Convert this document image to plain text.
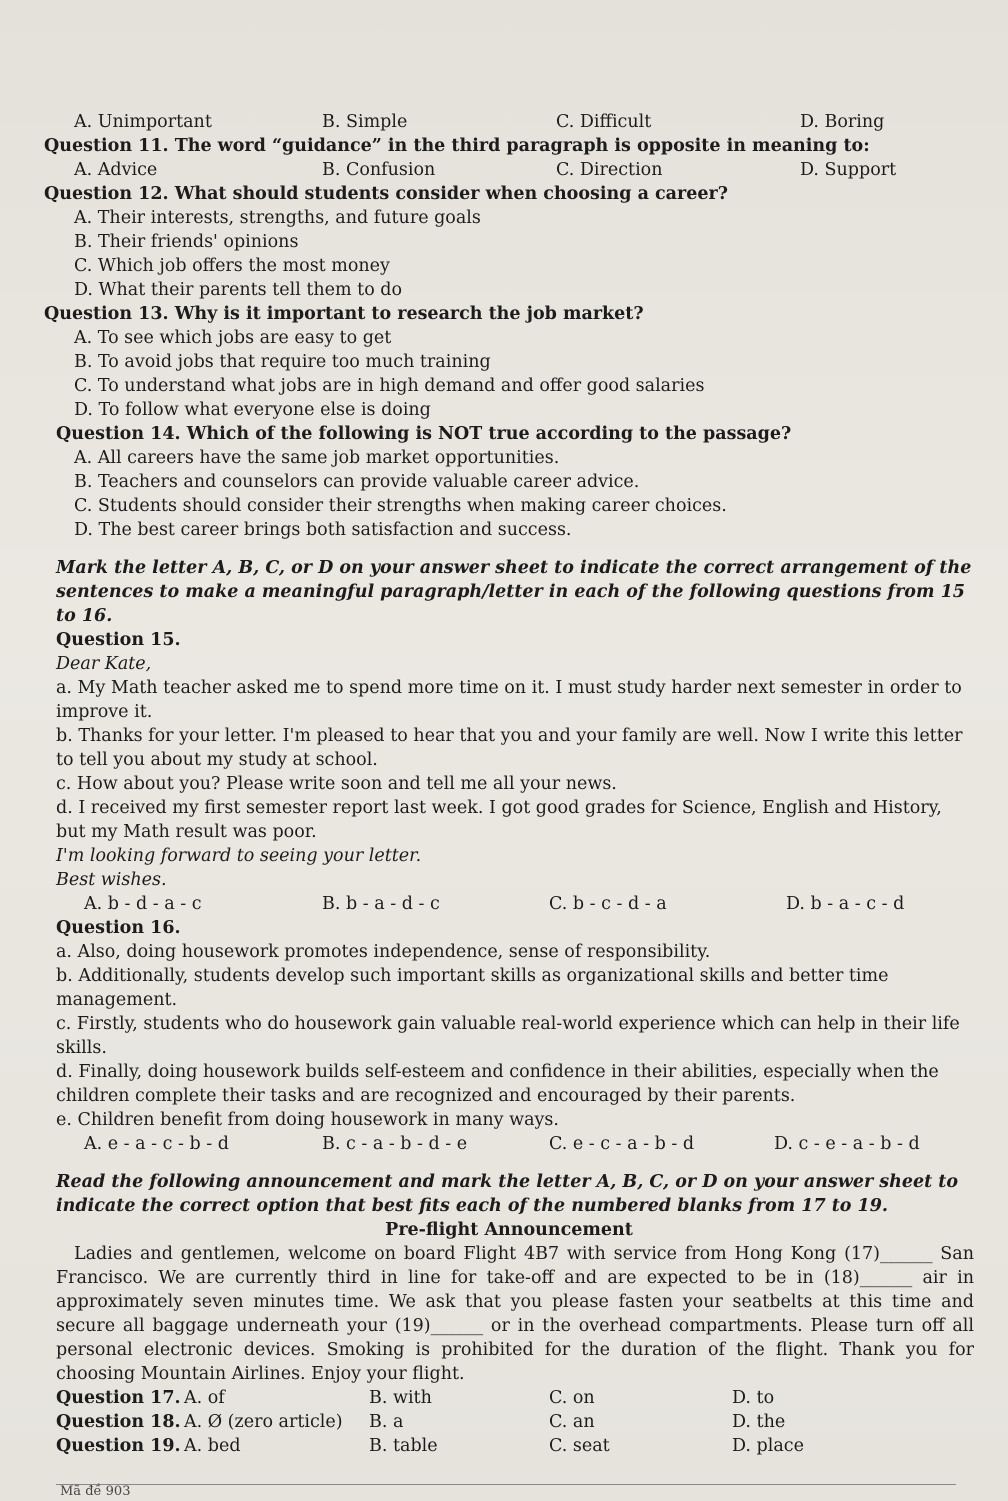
A. Unimportant	B. Simple	C. Difficult	D. Boring
Question 11. The word “guidance” in the third paragraph is opposite in meaning to:
A. Advice	B. Confusion	C. Direction	D. Support
Question 12. What should students consider when choosing a career?
A. Their interests, strengths, and future goals
B. Their friends' opinions
C. Which job offers the most money
D. What their parents tell them to do
Question 13. Why is it important to research the job market?
A. To see which jobs are easy to get
B. To avoid jobs that require too much training
C. To understand what jobs are in high demand and offer good salaries
D. To follow what everyone else is doing
Question 14. Which of the following is NOT true according to the passage?
A. All careers have the same job market opportunities.
B. Teachers and counselors can provide valuable career advice.
C. Students should consider their strengths when making career choices.
D. The best career brings both satisfaction and success.
Mark the letter A, B, C, or D on your answer sheet to indicate the correct arrangement of the sentences to make a meaningful paragraph/letter in each of the following questions from 15 to 16.
Question 15.
Dear Kate,
a. My Math teacher asked me to spend more time on it. I must study harder next semester in order to improve it.
b. Thanks for your letter. I'm pleased to hear that you and your family are well. Now I write this letter to tell you about my study at school.
c. How about you? Please write soon and tell me all your news.
d. I received my first semester report last week. I got good grades for Science, English and History, but my Math result was poor.
I'm looking forward to seeing your letter.
Best wishes.
A. b - d - a - c	B. b - a - d - c	C. b - c - d - a	D. b - a - c - d
Question 16.
a. Also, doing housework promotes independence, sense of responsibility.
b. Additionally, students develop such important skills as organizational skills and better time management.
c. Firstly, students who do housework gain valuable real-world experience which can help in their life skills.
d. Finally, doing housework builds self-esteem and confidence in their abilities, especially when the children complete their tasks and are recognized and encouraged by their parents.
e. Children benefit from doing housework in many ways.
A. e - a - c - b - d	B. c - a - b - d - e	C. e - c - a - b - d	D. c - e - a - b - d
Read the following announcement and mark the letter A, B, C, or D on your answer sheet to indicate the correct option that best fits each of the numbered blanks from 17 to 19.
Pre-flight Announcement
Ladies and gentlemen, welcome on board Flight 4B7 with service from Hong Kong (17)______ San Francisco. We are currently third in line for take-off and are expected to be in (18)______ air in approximately seven minutes time. We ask that you please fasten your seatbelts at this time and secure all baggage underneath your (19)______ or in the overhead compartments. Please turn off all personal electronic devices. Smoking is prohibited for the duration of the flight. Thank you for choosing Mountain Airlines. Enjoy your flight.
Question 17. A. of	B. with	C. on	D. to
Question 18. A. Ø (zero article) B. a	C. an	D. the
Question 19. A. bed	B. table	C. seat	D. place
Mã đề 903
